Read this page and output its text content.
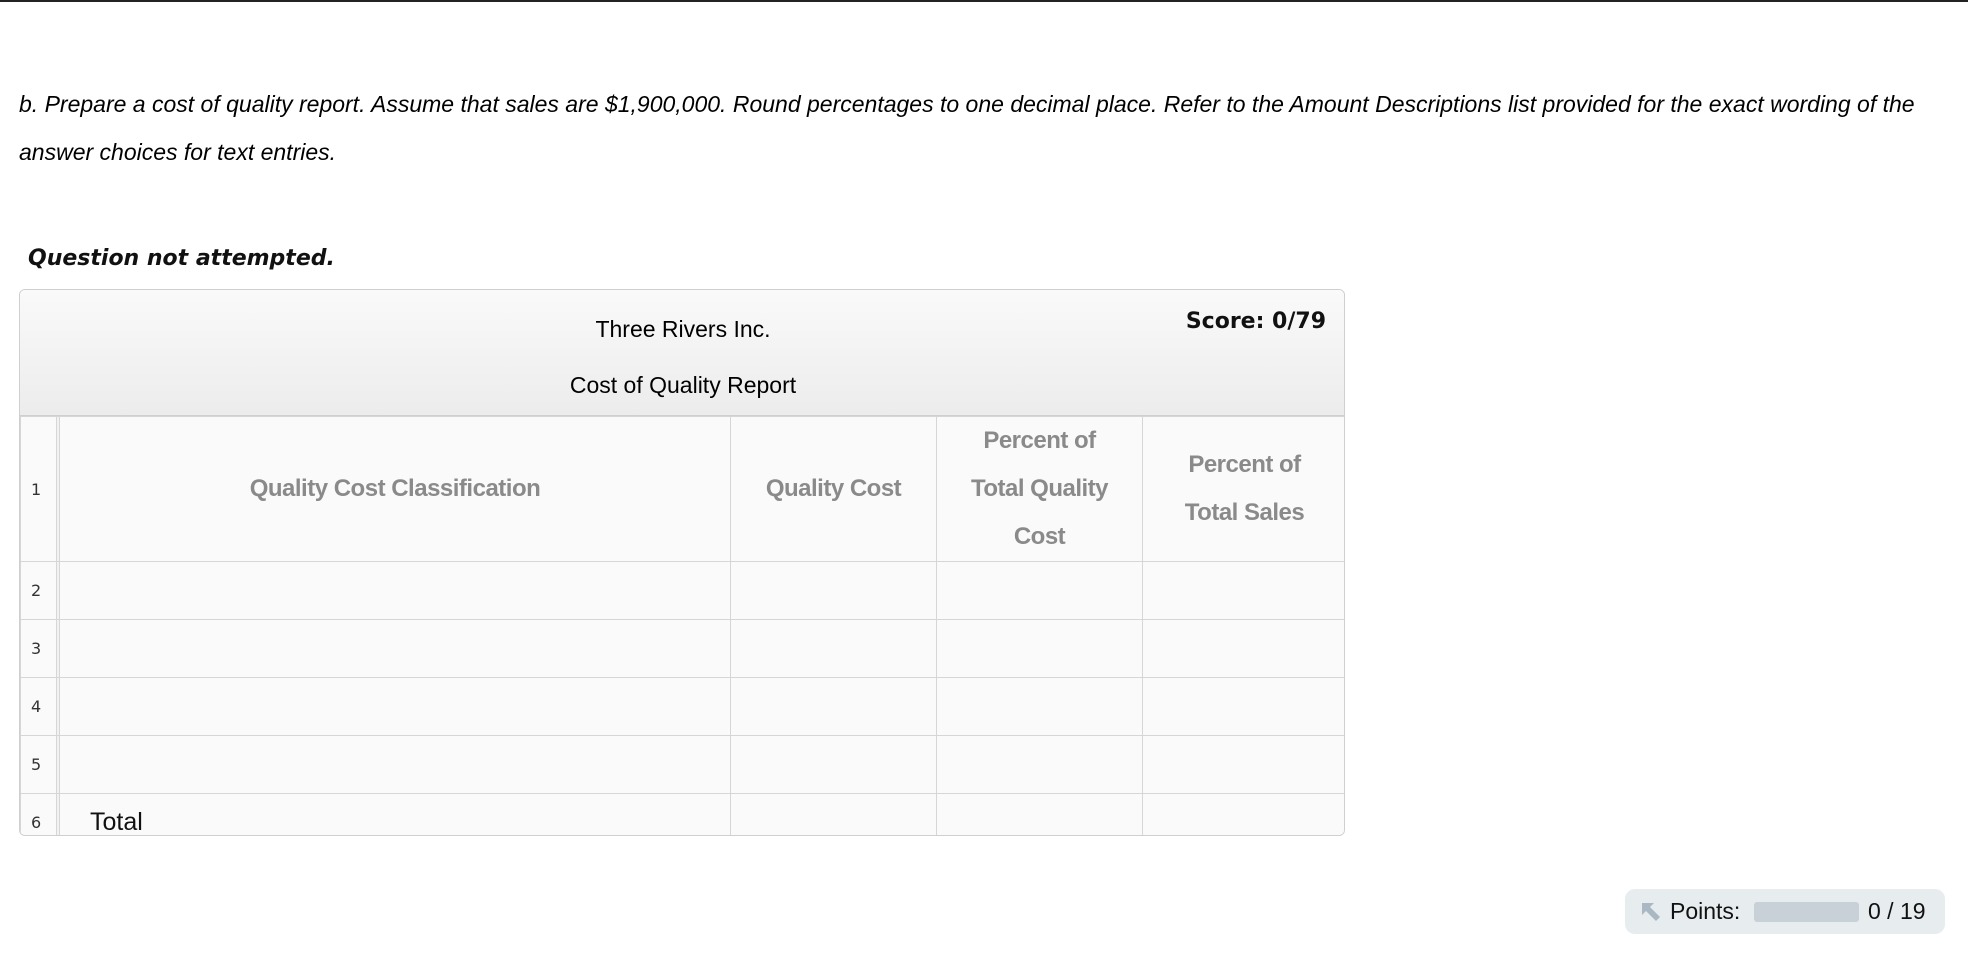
b. Prepare a cost of quality report. Assume that sales are $1,900,000. Round percentages to one decimal place. Refer to the Amount Descriptions list provided for the exact wording of the answer choices for text entries.
Question not attempted.
Three Rivers Inc.
Cost of Quality Report
Score: 0/79
1		Quality Cost Classification	Quality Cost	Percent of Total Quality Cost	Percent of Total Sales
2					
3					
4					
5					
6		Total			
Points:	0 / 19
